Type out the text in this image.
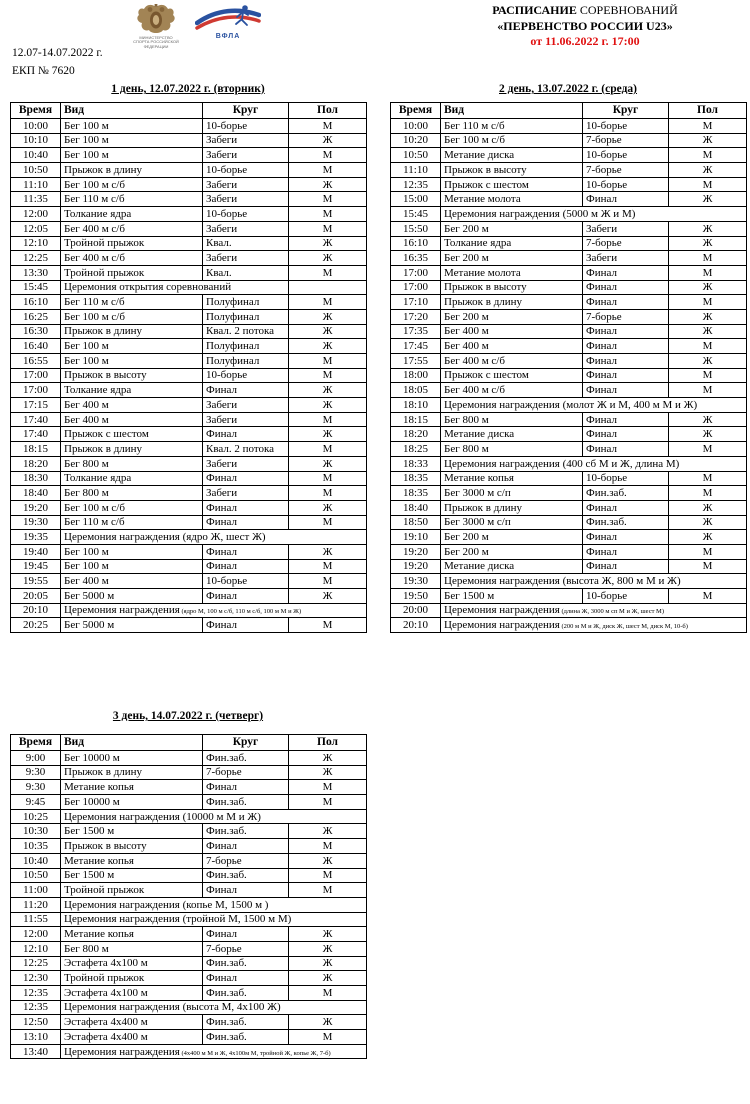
МИНИСТЕРСТВО СПОРТА РОССИЙСКОЙ ФЕДЕРАЦИИ
ВФЛА
12.07-14.07.2022 г.
ЕКП № 7620
РАСПИСАНИЕ СОРЕВНОВАНИЙ
«ПЕРВЕНСТВО РОССИИ U23»
от 11.06.2022 г. 17:00
1 день, 12.07.2022 г. (вторник)	2 день, 13.07.2022 г. (среда)
3 день, 14.07.2022 г. (четверг)
Время	Вид	Круг	Пол
10:00	Бег 100 м	10-борье	М
10:10	Бег 100 м	Забеги	Ж
10:40	Бег 100 м	Забеги	М
10:50	Прыжок в длину	10-борье	М
11:10	Бег 100 м с/б	Забеги	Ж
11:35	Бег 110 м с/б	Забеги	М
12:00	Толкание ядра	10-борье	М
12:05	Бег 400 м с/б	Забеги	М
12:10	Тройной прыжок	Квал.	Ж
12:25	Бег 400 м с/б	Забеги	Ж
13:30	Тройной прыжок	Квал.	М
15:45	Церемония открытия соревнований		
16:10	Бег 110 м с/б	Полуфинал	М
16:25	Бег 100 м с/б	Полуфинал	Ж
16:30	Прыжок в длину	Квал. 2 потока	Ж
16:40	Бег 100 м	Полуфинал	Ж
16:55	Бег 100 м	Полуфинал	М
17:00	Прыжок в высоту	10-борье	М
17:00	Толкание ядра	Финал	Ж
17:15	Бег 400 м	Забеги	Ж
17:40	Бег 400 м	Забеги	М
17:40	Прыжок с шестом	Финал	Ж
18:15	Прыжок в длину	Квал. 2 потока	М
18:20	Бег 800 м	Забеги	Ж
18:30	Толкание ядра	Финал	М
18:40	Бег 800 м	Забеги	М
19:20	Бег 100 м с/б	Финал	Ж
19:30	Бег 110 м с/б	Финал	М
19:35	Церемония награждения (ядро Ж, шест Ж)		
19:40	Бег 100 м	Финал	Ж
19:45	Бег 100 м	Финал	М
19:55	Бег 400 м	10-борье	М
20:05	Бег 5000 м	Финал	Ж
20:10	Церемония награждения (ядро М, 100 м с/б, 110 м с/б, 100 м М и Ж)		
20:25	Бег 5000 м	Финал	М
Время	Вид	Круг	Пол
10:00	Бег 110 м с/б	10-борье	М
10:20	Бег 100 м с/б	7-борье	Ж
10:50	Метание диска	10-борье	М
11:10	Прыжок в высоту	7-борье	Ж
12:35	Прыжок с шестом	10-борье	М
15:00	Метание молота	Финал	Ж
15:45	Церемония награждения (5000 м Ж и М)		
15:50	Бег 200 м	Забеги	Ж
16:10	Толкание ядра	7-борье	Ж
16:35	Бег 200 м	Забеги	М
17:00	Метание молота	Финал	М
17:00	Прыжок в высоту	Финал	Ж
17:10	Прыжок в длину	Финал	М
17:20	Бег 200 м	7-борье	Ж
17:35	Бег 400 м	Финал	Ж
17:45	Бег 400 м	Финал	М
17:55	Бег 400 м с/б	Финал	Ж
18:00	Прыжок с шестом	Финал	М
18:05	Бег 400 м с/б	Финал	М
18:10	Церемония награждения (молот Ж и М, 400 м М и Ж)		
18:15	Бег 800 м	Финал	Ж
18:20	Метание диска	Финал	Ж
18:25	Бег 800 м	Финал	М
18:33	Церемония награждения (400 сб М и Ж, длина М)		
18:35	Метание копья	10-борье	М
18:35	Бег 3000 м с/п	Фин.заб.	М
18:40	Прыжок в длину	Финал	Ж
18:50	Бег 3000 м с/п	Фин.заб.	Ж
19:10	Бег 200 м	Финал	Ж
19:20	Бег 200 м	Финал	М
19:20	Метание диска	Финал	М
19:30	Церемония награждения (высота Ж, 800 м М и Ж)		
19:50	Бег 1500 м	10-борье	М
20:00	Церемония награждения (длина Ж, 3000 м сп М и Ж, шест М)		
20:10	Церемония награждения (200 м М и Ж, диск Ж, шест М, диск М, 10-б)		
Время	Вид	Круг	Пол
9:00	Бег 10000 м	Фин.заб.	Ж
9:30	Прыжок в длину	7-борье	Ж
9:30	Метание копья	Финал	М
9:45	Бег 10000 м	Фин.заб.	М
10:25	Церемония награждения (10000 м М и Ж)		
10:30	Бег 1500 м	Фин.заб.	Ж
10:35	Прыжок в высоту	Финал	М
10:40	Метание копья	7-борье	Ж
10:50	Бег 1500 м	Фин.заб.	М
11:00	Тройной прыжок	Финал	М
11:20	Церемония награждения (копье М, 1500 м )		
11:55	Церемония награждения (тройной М, 1500 м М)		
12:00	Метание копья	Финал	Ж
12:10	Бег 800 м	7-борье	Ж
12:25	Эстафета 4х100 м	Фин.заб.	Ж
12:30	Тройной прыжок	Финал	Ж
12:35	Эстафета 4х100 м	Фин.заб.	М
12:35	Церемония награждения (высота М, 4х100 Ж)		
12:50	Эстафета 4х400 м	Фин.заб.	Ж
13:10	Эстафета 4х400 м	Фин.заб.	М
13:40	Церемония награждения (4х400 м М и Ж, 4х100м М, тройной Ж, копье Ж, 7-б)		
